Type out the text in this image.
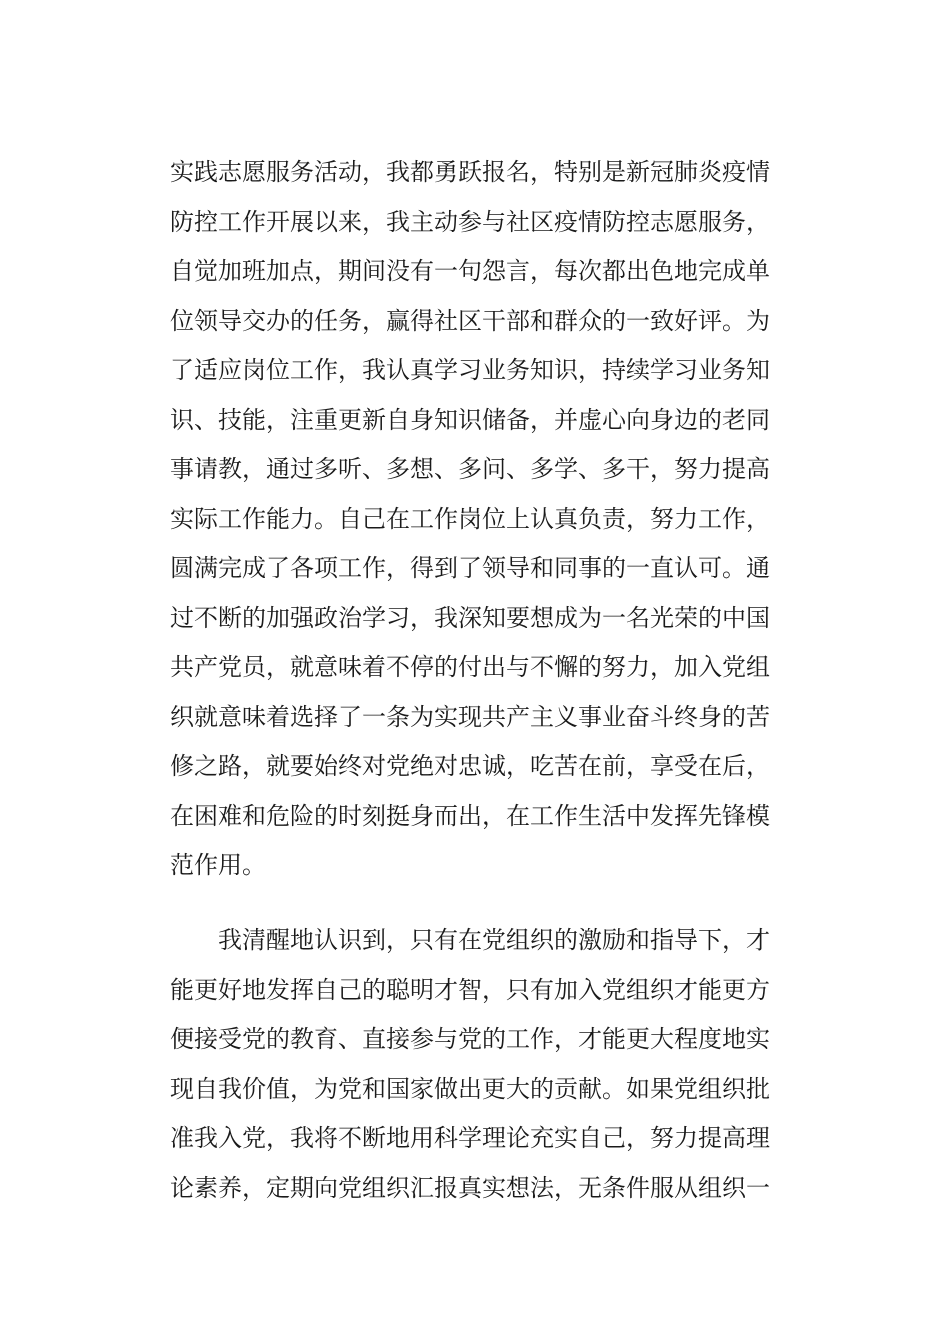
实践志愿服务活动，我都勇跃报名，特别是新冠肺炎疫情
防控工作开展以来，我主动参与社区疫情防控志愿服务，
自觉加班加点，期间没有一句怨言，每次都出色地完成单
位领导交办的任务，赢得社区干部和群众的一致好评。为
了适应岗位工作，我认真学习业务知识，持续学习业务知
识、技能，注重更新自身知识储备，并虚心向身边的老同
事请教，通过多听、多想、多问、多学、多干，努力提高
实际工作能力。自己在工作岗位上认真负责，努力工作，
圆满完成了各项工作，得到了领导和同事的一直认可。通
过不断的加强政治学习，我深知要想成为一名光荣的中国
共产党员，就意味着不停的付出与不懈的努力，加入党组
织就意味着选择了一条为实现共产主义事业奋斗终身的苦
修之路，就要始终对党绝对忠诚，吃苦在前，享受在后，
在困难和危险的时刻挺身而出，在工作生活中发挥先锋模
范作用。
我清醒地认识到，只有在党组织的激励和指导下，才
能更好地发挥自己的聪明才智，只有加入党组织才能更方
便接受党的教育、直接参与党的工作，才能更大程度地实
现自我价值，为党和国家做出更大的贡献。如果党组织批
准我入党，我将不断地用科学理论充实自己，努力提高理
论素养，定期向党组织汇报真实想法，无条件服从组织一
